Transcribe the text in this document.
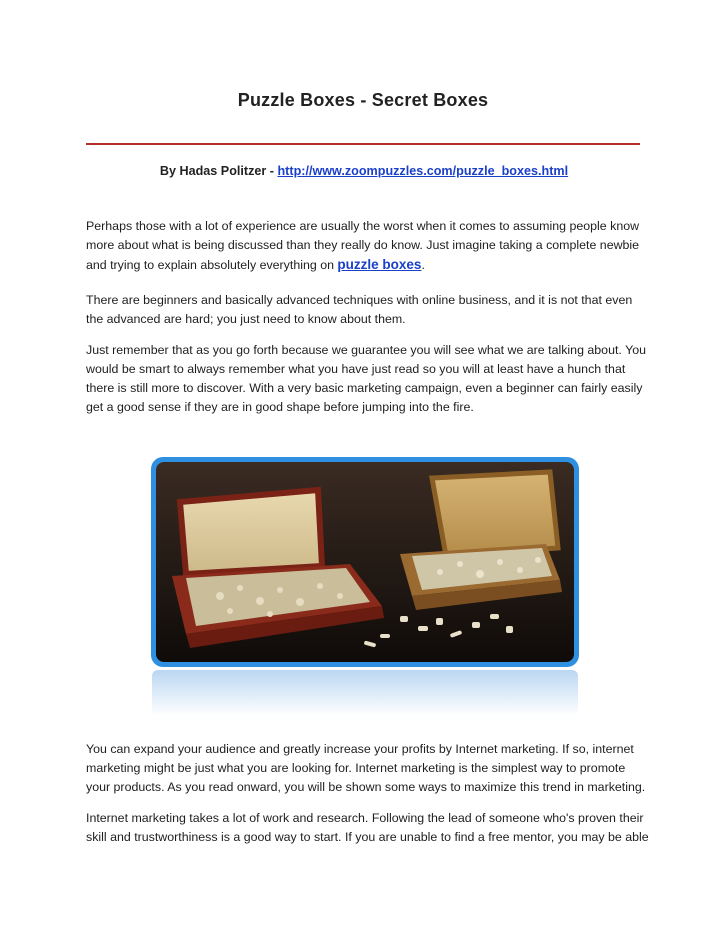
Puzzle Boxes - Secret Boxes
By Hadas Politzer - http://www.zoompuzzles.com/puzzle_boxes.html
Perhaps those with a lot of experience are usually the worst when it comes to assuming people know more about what is being discussed than they really do know. Just imagine taking a complete newbie and trying to explain absolutely everything on puzzle boxes.
There are beginners and basically advanced techniques with online business, and it is not that even the advanced are hard; you just need to know about them.
Just remember that as you go forth because we guarantee you will see what we are talking about. You would be smart to always remember what you have just read so you will at least have a hunch that there is still more to discover. With a very basic marketing campaign, even a beginner can fairly easily get a good sense if they are in good shape before jumping into the fire.
You can expand your audience and greatly increase your profits by Internet marketing. If so, internet marketing might be just what you are looking for. Internet marketing is the simplest way to promote your products. As you read onward, you will be shown some ways to maximize this trend in marketing.
Internet marketing takes a lot of work and research. Following the lead of someone who's proven their skill and trustworthiness is a good way to start. If you are unable to find a free mentor, you may be able
